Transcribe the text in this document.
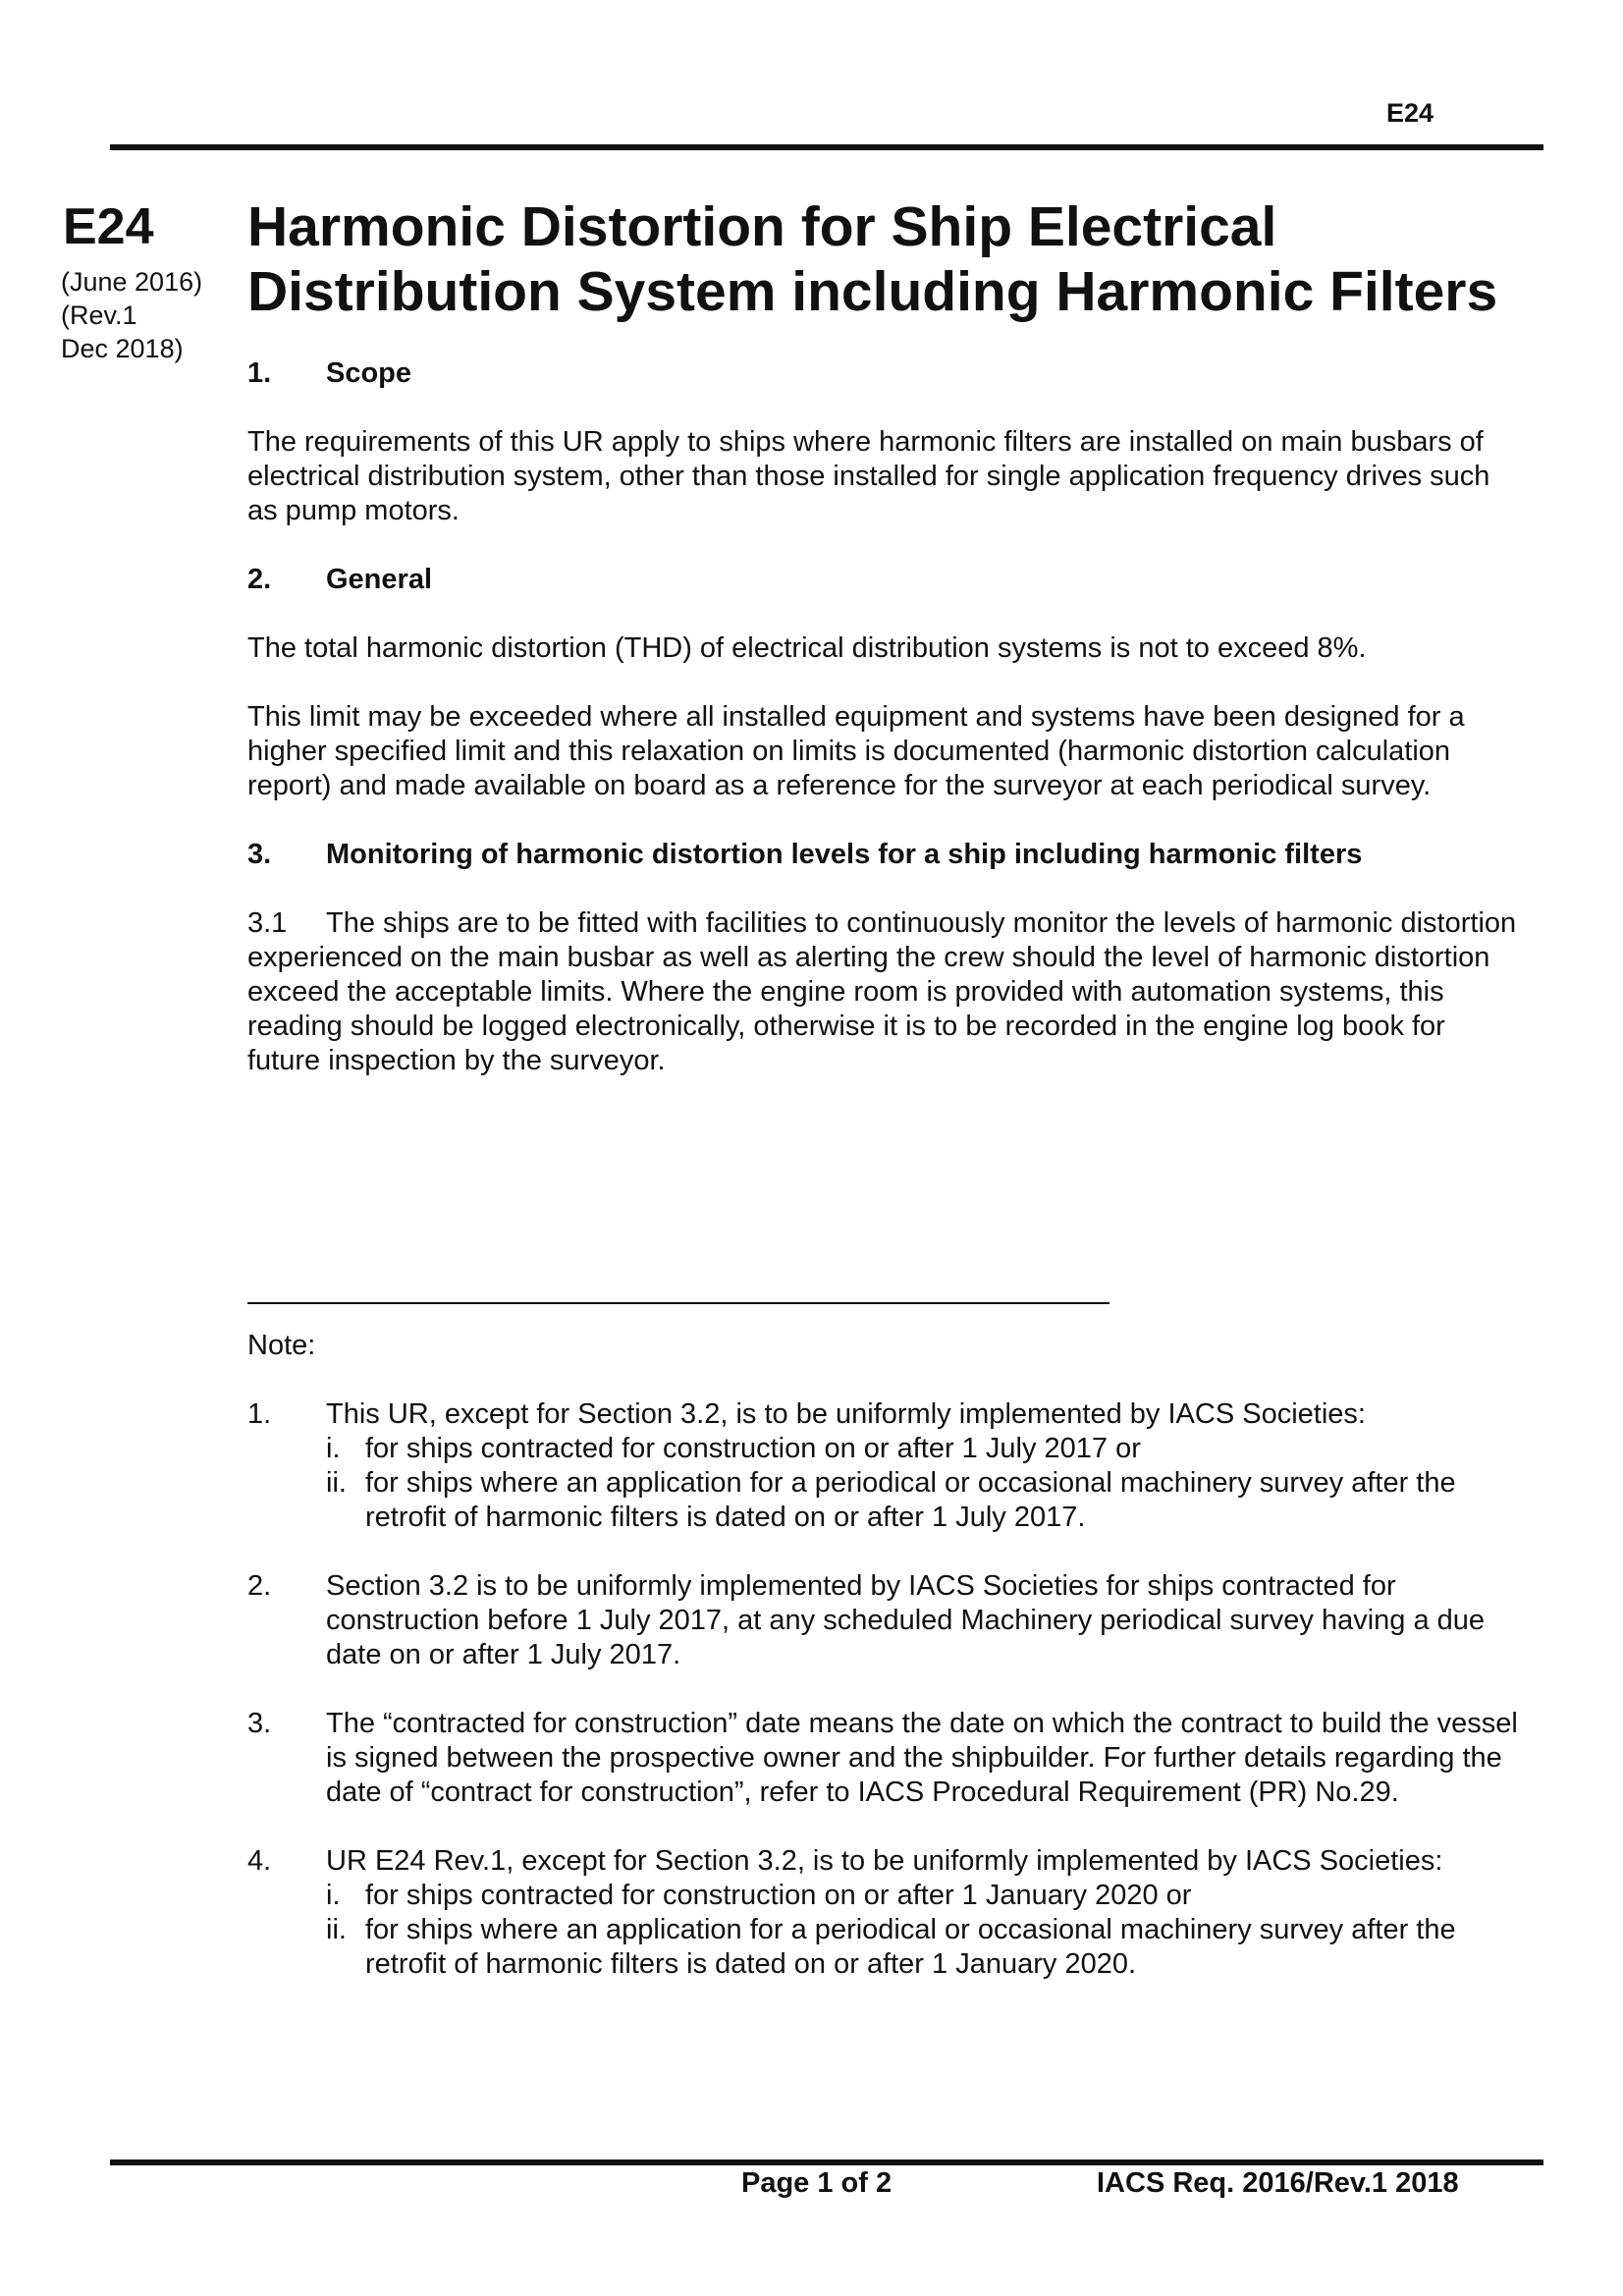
E24
E24
(June 2016)
(Rev.1
Dec 2018)
Harmonic Distortion for Ship Electrical
Distribution System including Harmonic Filters
1. Scope

The requirements of this UR apply to ships where harmonic filters are installed on main busbars of electrical distribution system, other than those installed for single application frequency drives such as pump motors.

2. General

The total harmonic distortion (THD) of electrical distribution systems is not to exceed 8%.

This limit may be exceeded where all installed equipment and systems have been designed for a higher specified limit and this relaxation on limits is documented (harmonic distortion calculation report) and made available on board as a reference for the surveyor at each periodical survey.

3. Monitoring of harmonic distortion levels for a ship including harmonic filters

3.1 The ships are to be fitted with facilities to continuously monitor the levels of harmonic distortion experienced on the main busbar as well as alerting the crew should the level of harmonic distortion exceed the acceptable limits. Where the engine room is provided with automation systems, this reading should be logged electronically, otherwise it is to be recorded in the engine log book for future inspection by the surveyor.

Note:
1. This UR, except for Section 3.2, is to be uniformly implemented by IACS Societies:
i. for ships contracted for construction on or after 1 July 2017 or
ii. for ships where an application for a periodical or occasional machinery survey after the retrofit of harmonic filters is dated on or after 1 July 2017.
2. Section 3.2 is to be uniformly implemented by IACS Societies for ships contracted for construction before 1 July 2017, at any scheduled Machinery periodical survey having a due date on or after 1 July 2017.
3. The “contracted for construction” date means the date on which the contract to build the vessel is signed between the prospective owner and the shipbuilder. For further details regarding the date of “contract for construction”, refer to IACS Procedural Requirement (PR) No.29.
4. UR E24 Rev.1, except for Section 3.2, is to be uniformly implemented by IACS Societies:
i. for ships contracted for construction on or after 1 January 2020 or
ii. for ships where an application for a periodical or occasional machinery survey after the retrofit of harmonic filters is dated on or after 1 January 2020.
Page 1 of 2	IACS Req. 2016/Rev.1 2018
